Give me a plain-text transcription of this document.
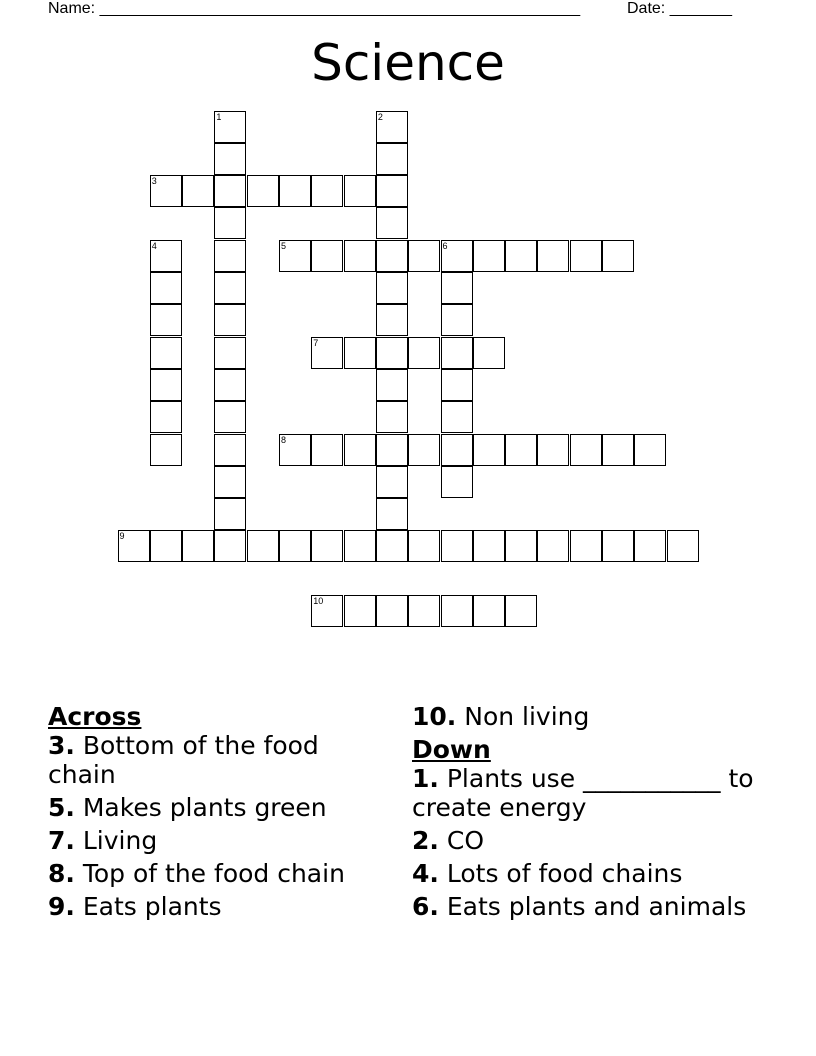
Name: ______________________________________________________	Date: _______
Science
1	2
3
4	5	6
7
8
9
10

Across

3. Bottom of the food chain

5. Makes plants green

7. Living

8. Top of the food chain

9. Eats plants

10. Non living

Down

1. Plants use ___________ to create energy

2. CO

4. Lots of food chains

6. Eats plants and animals
